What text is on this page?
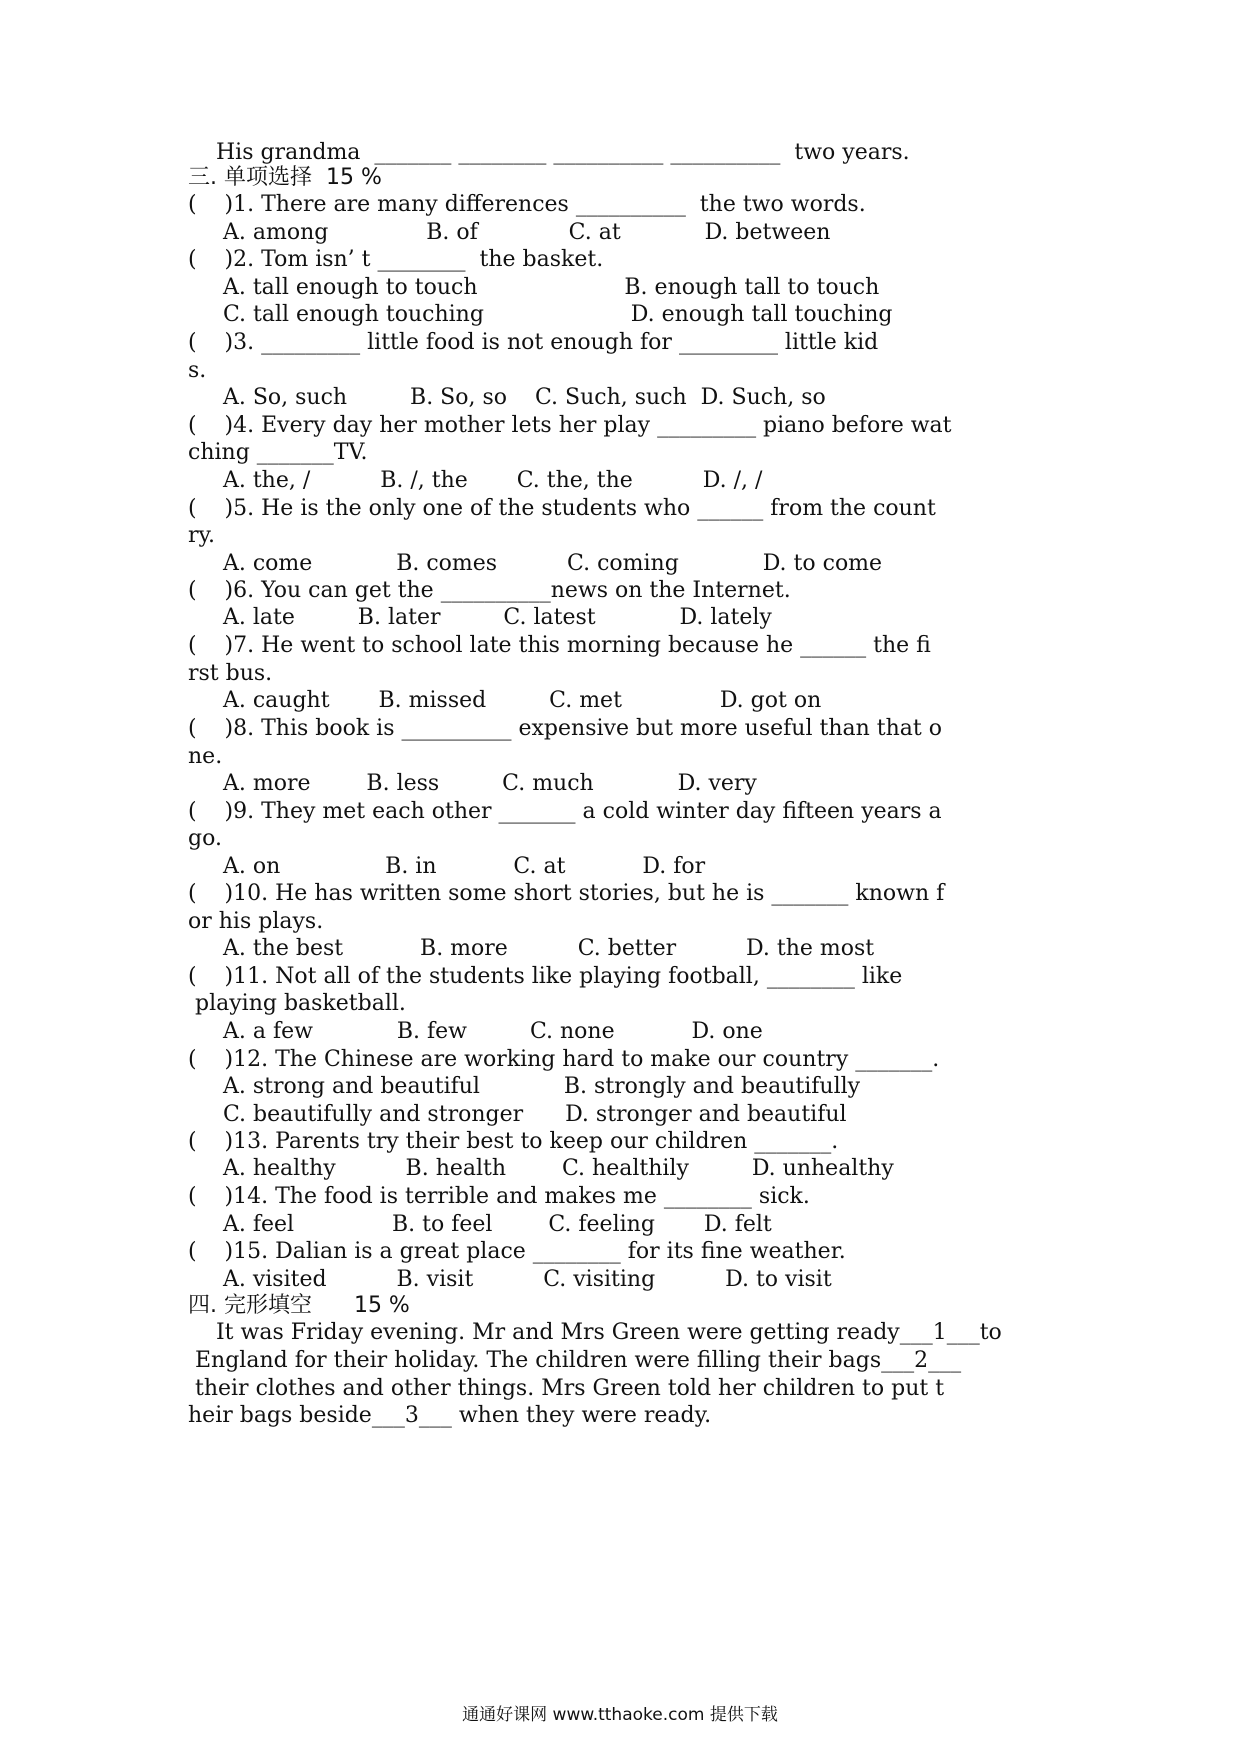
His grandma  _______ ________ __________ __________  two years.
三. 单项选择  15 %
(    )1. There are many differences __________  the two words.
A. among              B. of             C. at            D. between
(    )2. Tom isn’ t ________  the basket.
A. tall enough to touch                     B. enough tall to touch
C. tall enough touching                     D. enough tall touching
(    )3. _________ little food is not enough for _________ little kid
s.
A. So, such         B. So, so    C. Such, such  D. Such, so
(    )4. Every day her mother lets her play _________ piano before wat
ching _______TV.
A. the, /          B. /, the       C. the, the          D. /, /
(    )5. He is the only one of the students who ______ from the count
ry.
A. come            B. comes          C. coming            D. to come
(    )6. You can get the __________news on the Internet.
A. late         B. later         C. latest            D. lately
(    )7. He went to school late this morning because he ______ the fi
rst bus.
A. caught       B. missed         C. met              D. got on
(    )8. This book is __________ expensive but more useful than that o
ne.
A. more        B. less         C. much            D. very
(    )9. They met each other _______ a cold winter day fifteen years a
go.
A. on               B. in           C. at           D. for
(    )10. He has written some short stories, but he is _______ known f
or his plays.
A. the best           B. more          C. better          D. the most
(    )11. Not all of the students like playing football, ________ like
playing basketball.
A. a few            B. few         C. none           D. one
(    )12. The Chinese are working hard to make our country _______.
A. strong and beautiful            B. strongly and beautifully
C. beautifully and stronger      D. stronger and beautiful
(    )13. Parents try their best to keep our children _______.
A. healthy          B. health        C. healthily         D. unhealthy
(    )14. The food is terrible and makes me ________ sick.
A. feel              B. to feel        C. feeling       D. felt
(    )15. Dalian is a great place ________ for its fine weather.
A. visited          B. visit          C. visiting          D. to visit
四. 完形填空      15 %
It was Friday evening. Mr and Mrs Green were getting ready___1___to
England for their holiday. The children were filling their bags___2___
their clothes and other things. Mrs Green told her children to put t
heir bags beside___3___ when they were ready.
通通好课网 www.tthaoke.com 提供下载
